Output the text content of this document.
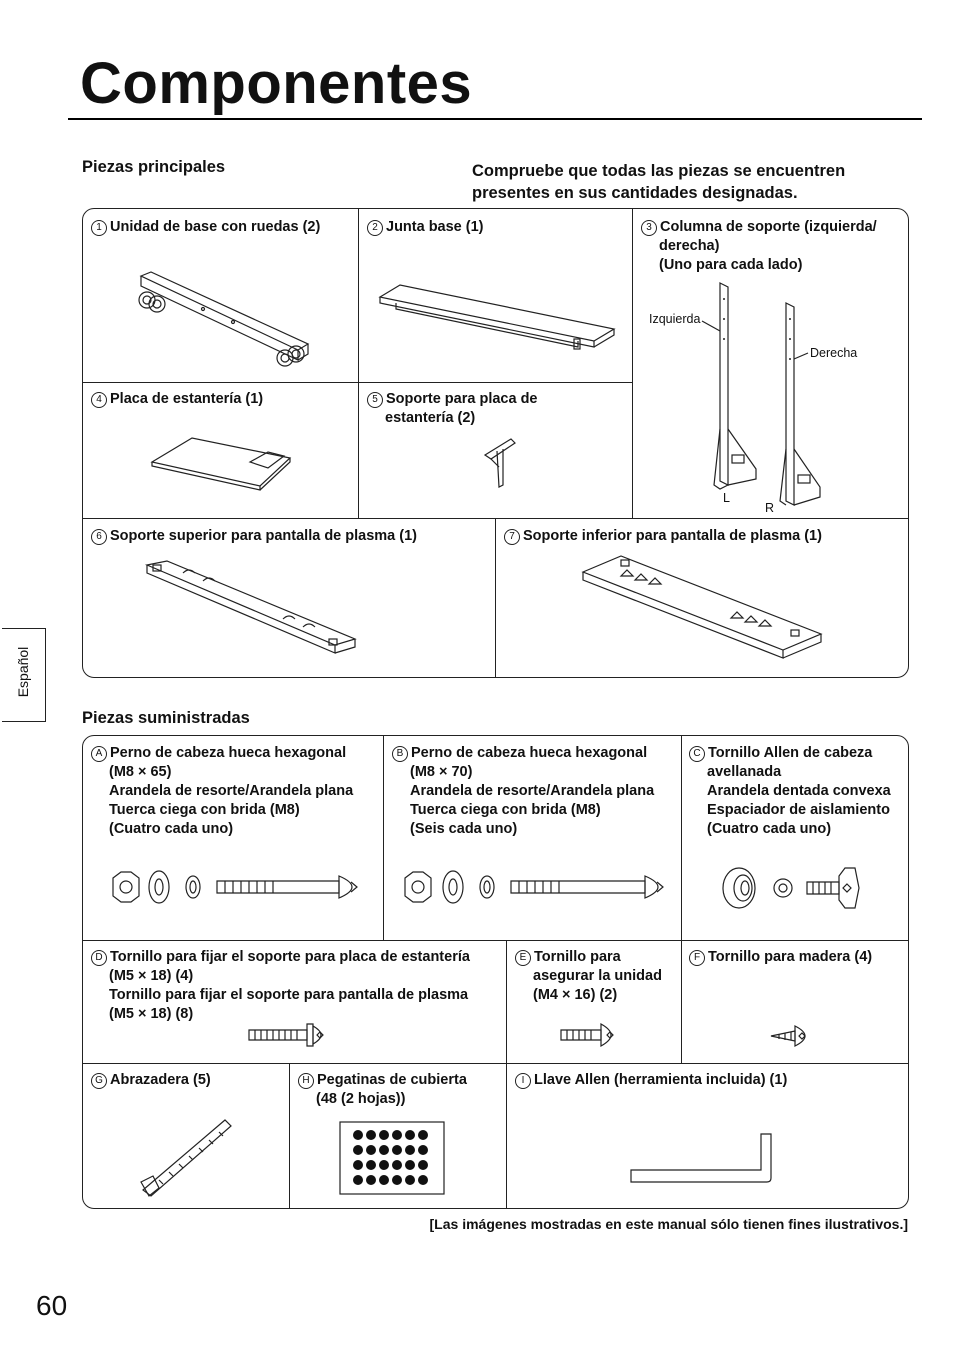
Componentes
Español
Piezas principales	Compruebe que todas las piezas se encuentren presentes en sus cantidades designadas.
1 Unidad de base con ruedas (2)	2 Junta base (1)	3 Columna de soporte (izquierda/
derecha)
(Uno para cada lado)
Izquierda
Derecha
L
R
4 Placa de estantería (1)	5 Soporte para placa de
estantería (2)
6 Soporte superior para pantalla de plasma (1)	7 Soporte inferior para pantalla de plasma (1)
Piezas suministradas
A Perno de cabeza hueca hexagonal
(M8 × 65)
Arandela de resorte/Arandela plana
Tuerca ciega con brida (M8)
(Cuatro cada uno)
B Perno de cabeza hueca hexagonal
(M8 × 70)
Arandela de resorte/Arandela plana
Tuerca ciega con brida (M8)
(Seis cada uno)
C Tornillo Allen de cabeza
avellanada
Arandela dentada convexa
Espaciador de aislamiento
(Cuatro cada uno)
D Tornillo para fijar el soporte para placa de estantería
(M5 × 18) (4)
Tornillo para fijar el soporte para pantalla de plasma
(M5 × 18) (8)
E Tornillo para
asegurar la unidad
(M4 × 16) (2)
F Tornillo para madera (4)
G Abrazadera (5)	H Pegatinas de cubierta
(48 (2 hojas))
I Llave Allen (herramienta incluida) (1)
[Las imágenes mostradas en este manual sólo tienen fines ilustrativos.]
60
